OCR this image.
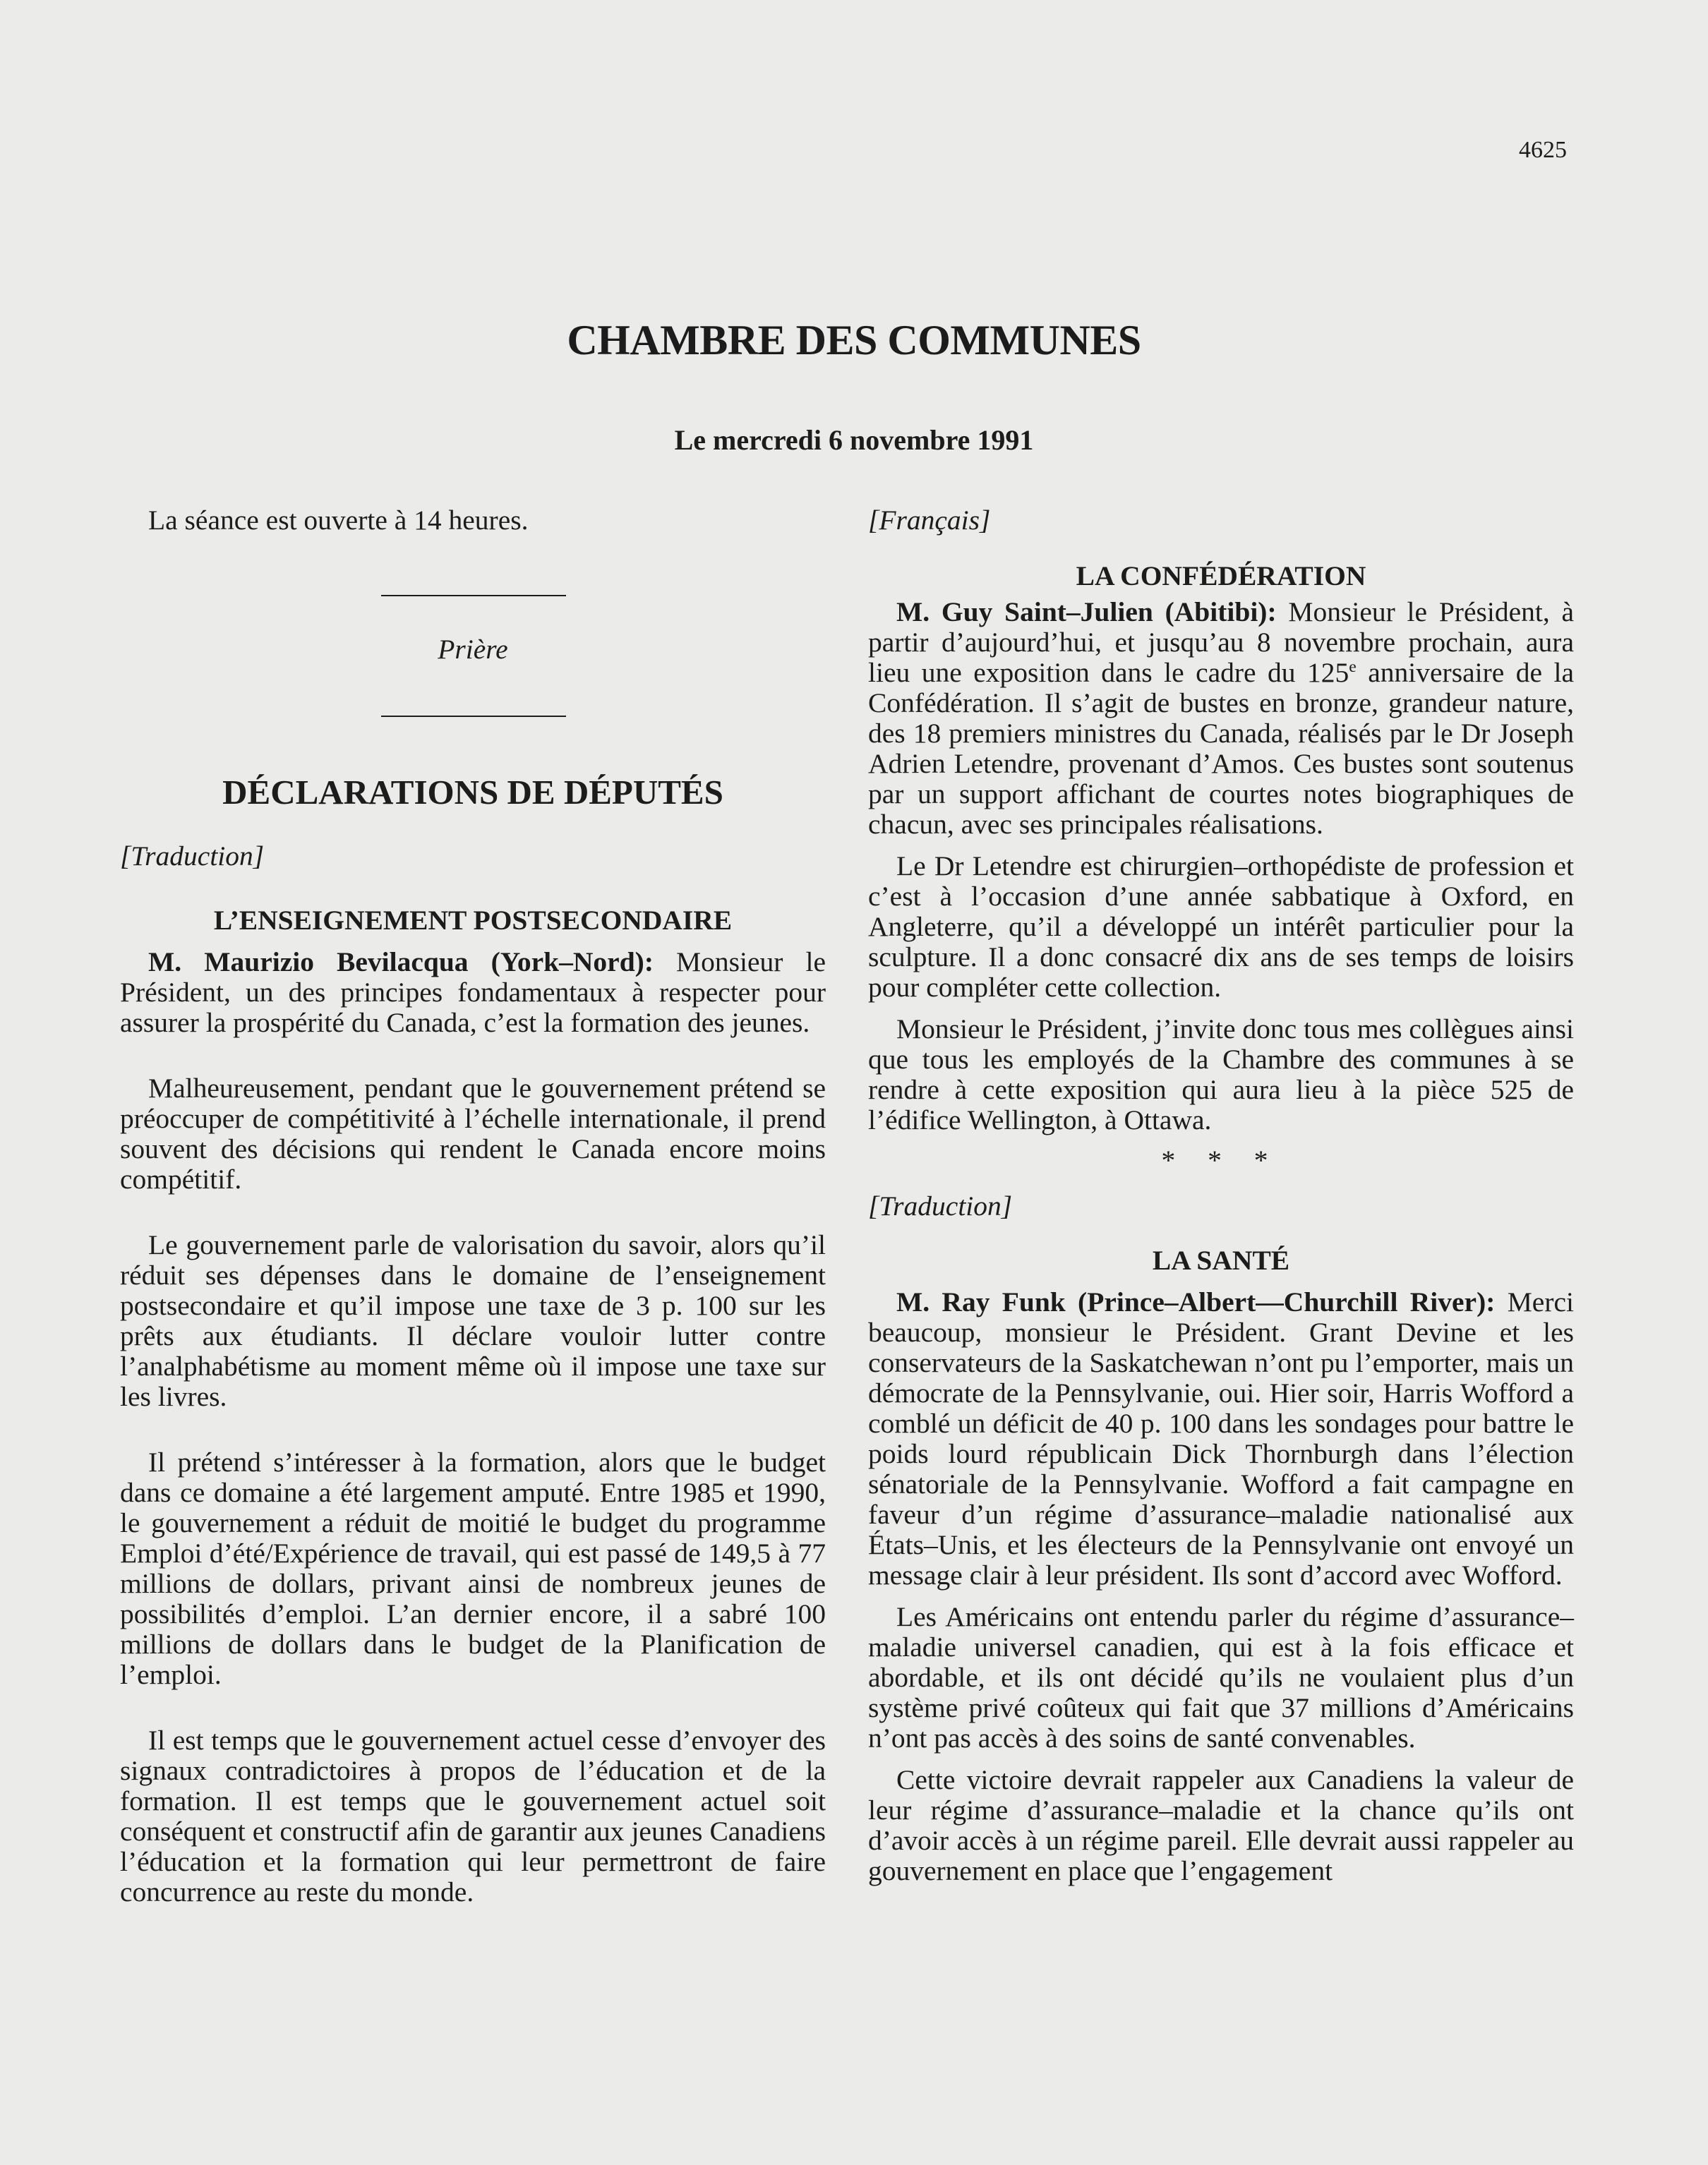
4625
CHAMBRE DES COMMUNES
Le mercredi 6 novembre 1991

La séance est ouverte à 14 heures.

Prière

DÉCLARATIONS DE DÉPUTÉS

[Traduction]

L’ENSEIGNEMENT POSTSECONDAIRE

M. Maurizio Bevilacqua (York–Nord): Monsieur le Président, un des principes fondamentaux à respecter pour assurer la prospérité du Canada, c’est la formation des jeunes.

Malheureusement, pendant que le gouvernement prétend se préoccuper de compétitivité à l’échelle internationale, il prend souvent des décisions qui rendent le Canada encore moins compétitif.

Le gouvernement parle de valorisation du savoir, alors qu’il réduit ses dépenses dans le domaine de l’enseignement postsecondaire et qu’il impose une taxe de 3 p. 100 sur les prêts aux étudiants. Il déclare vouloir lutter contre l’analphabétisme au moment même où il impose une taxe sur les livres.

Il prétend s’intéresser à la formation, alors que le budget dans ce domaine a été largement amputé. Entre 1985 et 1990, le gouvernement a réduit de moitié le budget du programme Emploi d’été/Expérience de travail, qui est passé de 149,5 à 77 millions de dollars, privant ainsi de nombreux jeunes de possibilités d’emploi. L’an dernier encore, il a sabré 100 millions de dollars dans le budget de la Planification de l’emploi.

Il est temps que le gouvernement actuel cesse d’envoyer des signaux contradictoires à propos de l’éducation et de la formation. Il est temps que le gouvernement actuel soit conséquent et constructif afin de garantir aux jeunes Canadiens l’éducation et la formation qui leur permettront de faire concurrence au reste du monde.

[Français]

LA CONFÉDÉRATION

M. Guy Saint–Julien (Abitibi): Monsieur le Président, à partir d’aujourd’hui, et jusqu’au 8 novembre prochain, aura lieu une exposition dans le cadre du 125e anniversaire de la Confédération. Il s’agit de bustes en bronze, grandeur nature, des 18 premiers ministres du Canada, réalisés par le Dr Joseph Adrien Letendre, provenant d’Amos. Ces bustes sont soutenus par un support affichant de courtes notes biographiques de chacun, avec ses principales réalisations.

Le Dr Letendre est chirurgien–orthopédiste de profession et c’est à l’occasion d’une année sabbatique à Oxford, en Angleterre, qu’il a développé un intérêt particulier pour la sculpture. Il a donc consacré dix ans de ses temps de loisirs pour compléter cette collection.

Monsieur le Président, j’invite donc tous mes collègues ainsi que tous les employés de la Chambre des communes à se rendre à cette exposition qui aura lieu à la pièce 525 de l’édifice Wellington, à Ottawa.

* * *

[Traduction]

LA SANTÉ

M. Ray Funk (Prince–Albert—Churchill River): Merci beaucoup, monsieur le Président. Grant Devine et les conservateurs de la Saskatchewan n’ont pu l’emporter, mais un démocrate de la Pennsylvanie, oui. Hier soir, Harris Wofford a comblé un déficit de 40 p. 100 dans les sondages pour battre le poids lourd républicain Dick Thornburgh dans l’élection sénatoriale de la Pennsylvanie. Wofford a fait campagne en faveur d’un régime d’assurance–maladie nationalisé aux États–Unis, et les électeurs de la Pennsylvanie ont envoyé un message clair à leur président. Ils sont d’accord avec Wofford.

Les Américains ont entendu parler du régime d’assurance–maladie universel canadien, qui est à la fois efficace et abordable, et ils ont décidé qu’ils ne voulaient plus d’un système privé coûteux qui fait que 37 millions d’Américains n’ont pas accès à des soins de santé convenables.

Cette victoire devrait rappeler aux Canadiens la valeur de leur régime d’assurance–maladie et la chance qu’ils ont d’avoir accès à un régime pareil. Elle devrait aussi rappeler au gouvernement en place que l’engagement
